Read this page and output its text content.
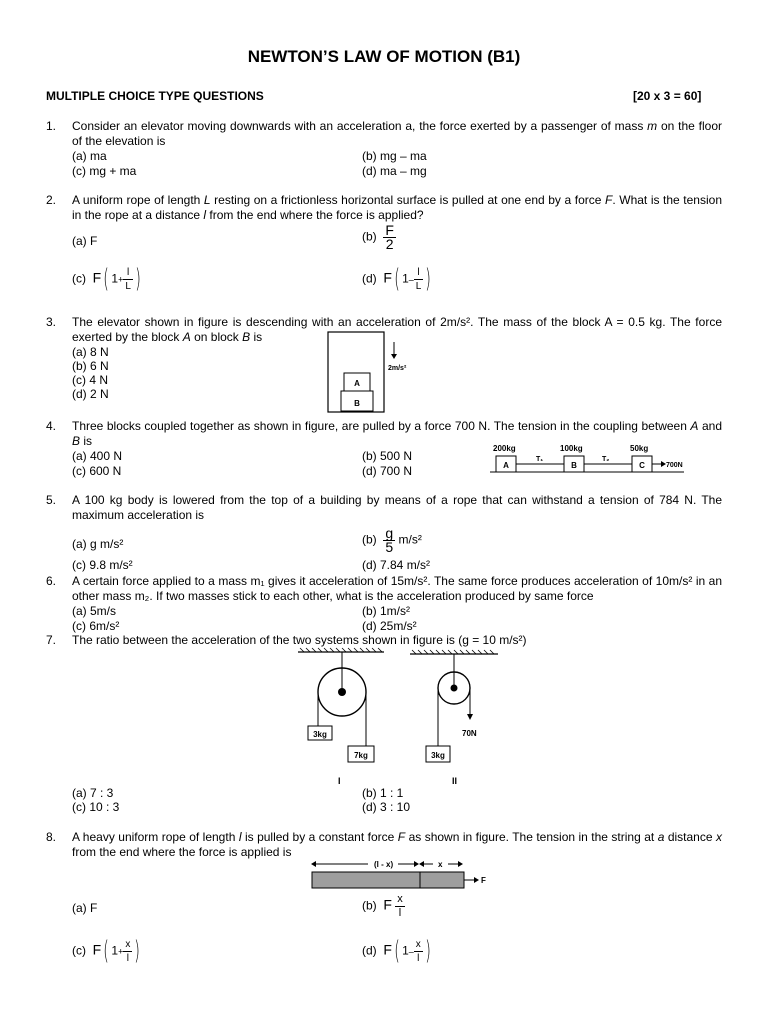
NEWTON’S LAW OF MOTION (B1)
MULTIPLE CHOICE TYPE QUESTIONS	[20 x 3 = 60]
1. Consider an elevator moving downwards with an acceleration a, the force exerted by a passenger of mass m on the floor of the elevation is
(a) ma	(b) mg – ma
(c) mg + ma	(d) ma – mg
2. A uniform rope of length L resting on a frictionless horizontal surface is pulled at one end by a force F. What is the tension in the rope at a distance l from the end where the force is applied?
(a) F	$(b) \frac{F}{2}$
(c) F( $1+ \frac{l}{L}$ )	(d) F( $1- \frac{l}{L}$ )
3. The elevator shown in figure is descending with an acceleration of 2m/s². The mass of the block A = 0.5 kg. The force exerted by the block A on block B is
(a) 8 N
(b) 6 N
(c) 4 N
(d) 2 N
A
B
2m/s²
4. Three blocks coupled together as shown in figure, are pulled by a force 700 N. The tension in the coupling between A and B is
(a) 400 N	(b) 500 N
(c) 600 N	(d) 700 N
200kg	100kg	50kg
A	B	C
T₁	T₂
700N
5. A 100 kg body is lowered from the top of a building by means of a rope that can withstand a tension of 784 N. The maximum acceleration is
(a) g m/s²	$(b) \frac{g}{5} m/s^2$
(c) 9.8 m/s²	(d) 7.84 m/s²
6. A certain force applied to a mass m₁ gives it acceleration of 15m/s². The same force produces acceleration of 10m/s² in an other mass m₂. If two masses stick to each other, what is the acceleration produced by same force
(a) 5m/s	(b) 1m/s²
(c) 6m/s²	(d) 25m/s²
7. The ratio between the acceleration of the two systems shown in figure is (g = 10 m/s²)
3kg
7kg
I
70N
3kg
II
(a) 7 : 3	(b) 1 : 1
(c) 10 : 3	(d) 3 : 10
8. A heavy uniform rope of length l is pulled by a constant force F as shown in figure. The tension in the string at a distance x from the end where the force is applied is
(l - x)	x
F
(a) F	(b) F $\frac{x}{l}$
(c) F( $1+ \frac{x}{l}$ )	(d) F( $1- \frac{x}{l}$ )
